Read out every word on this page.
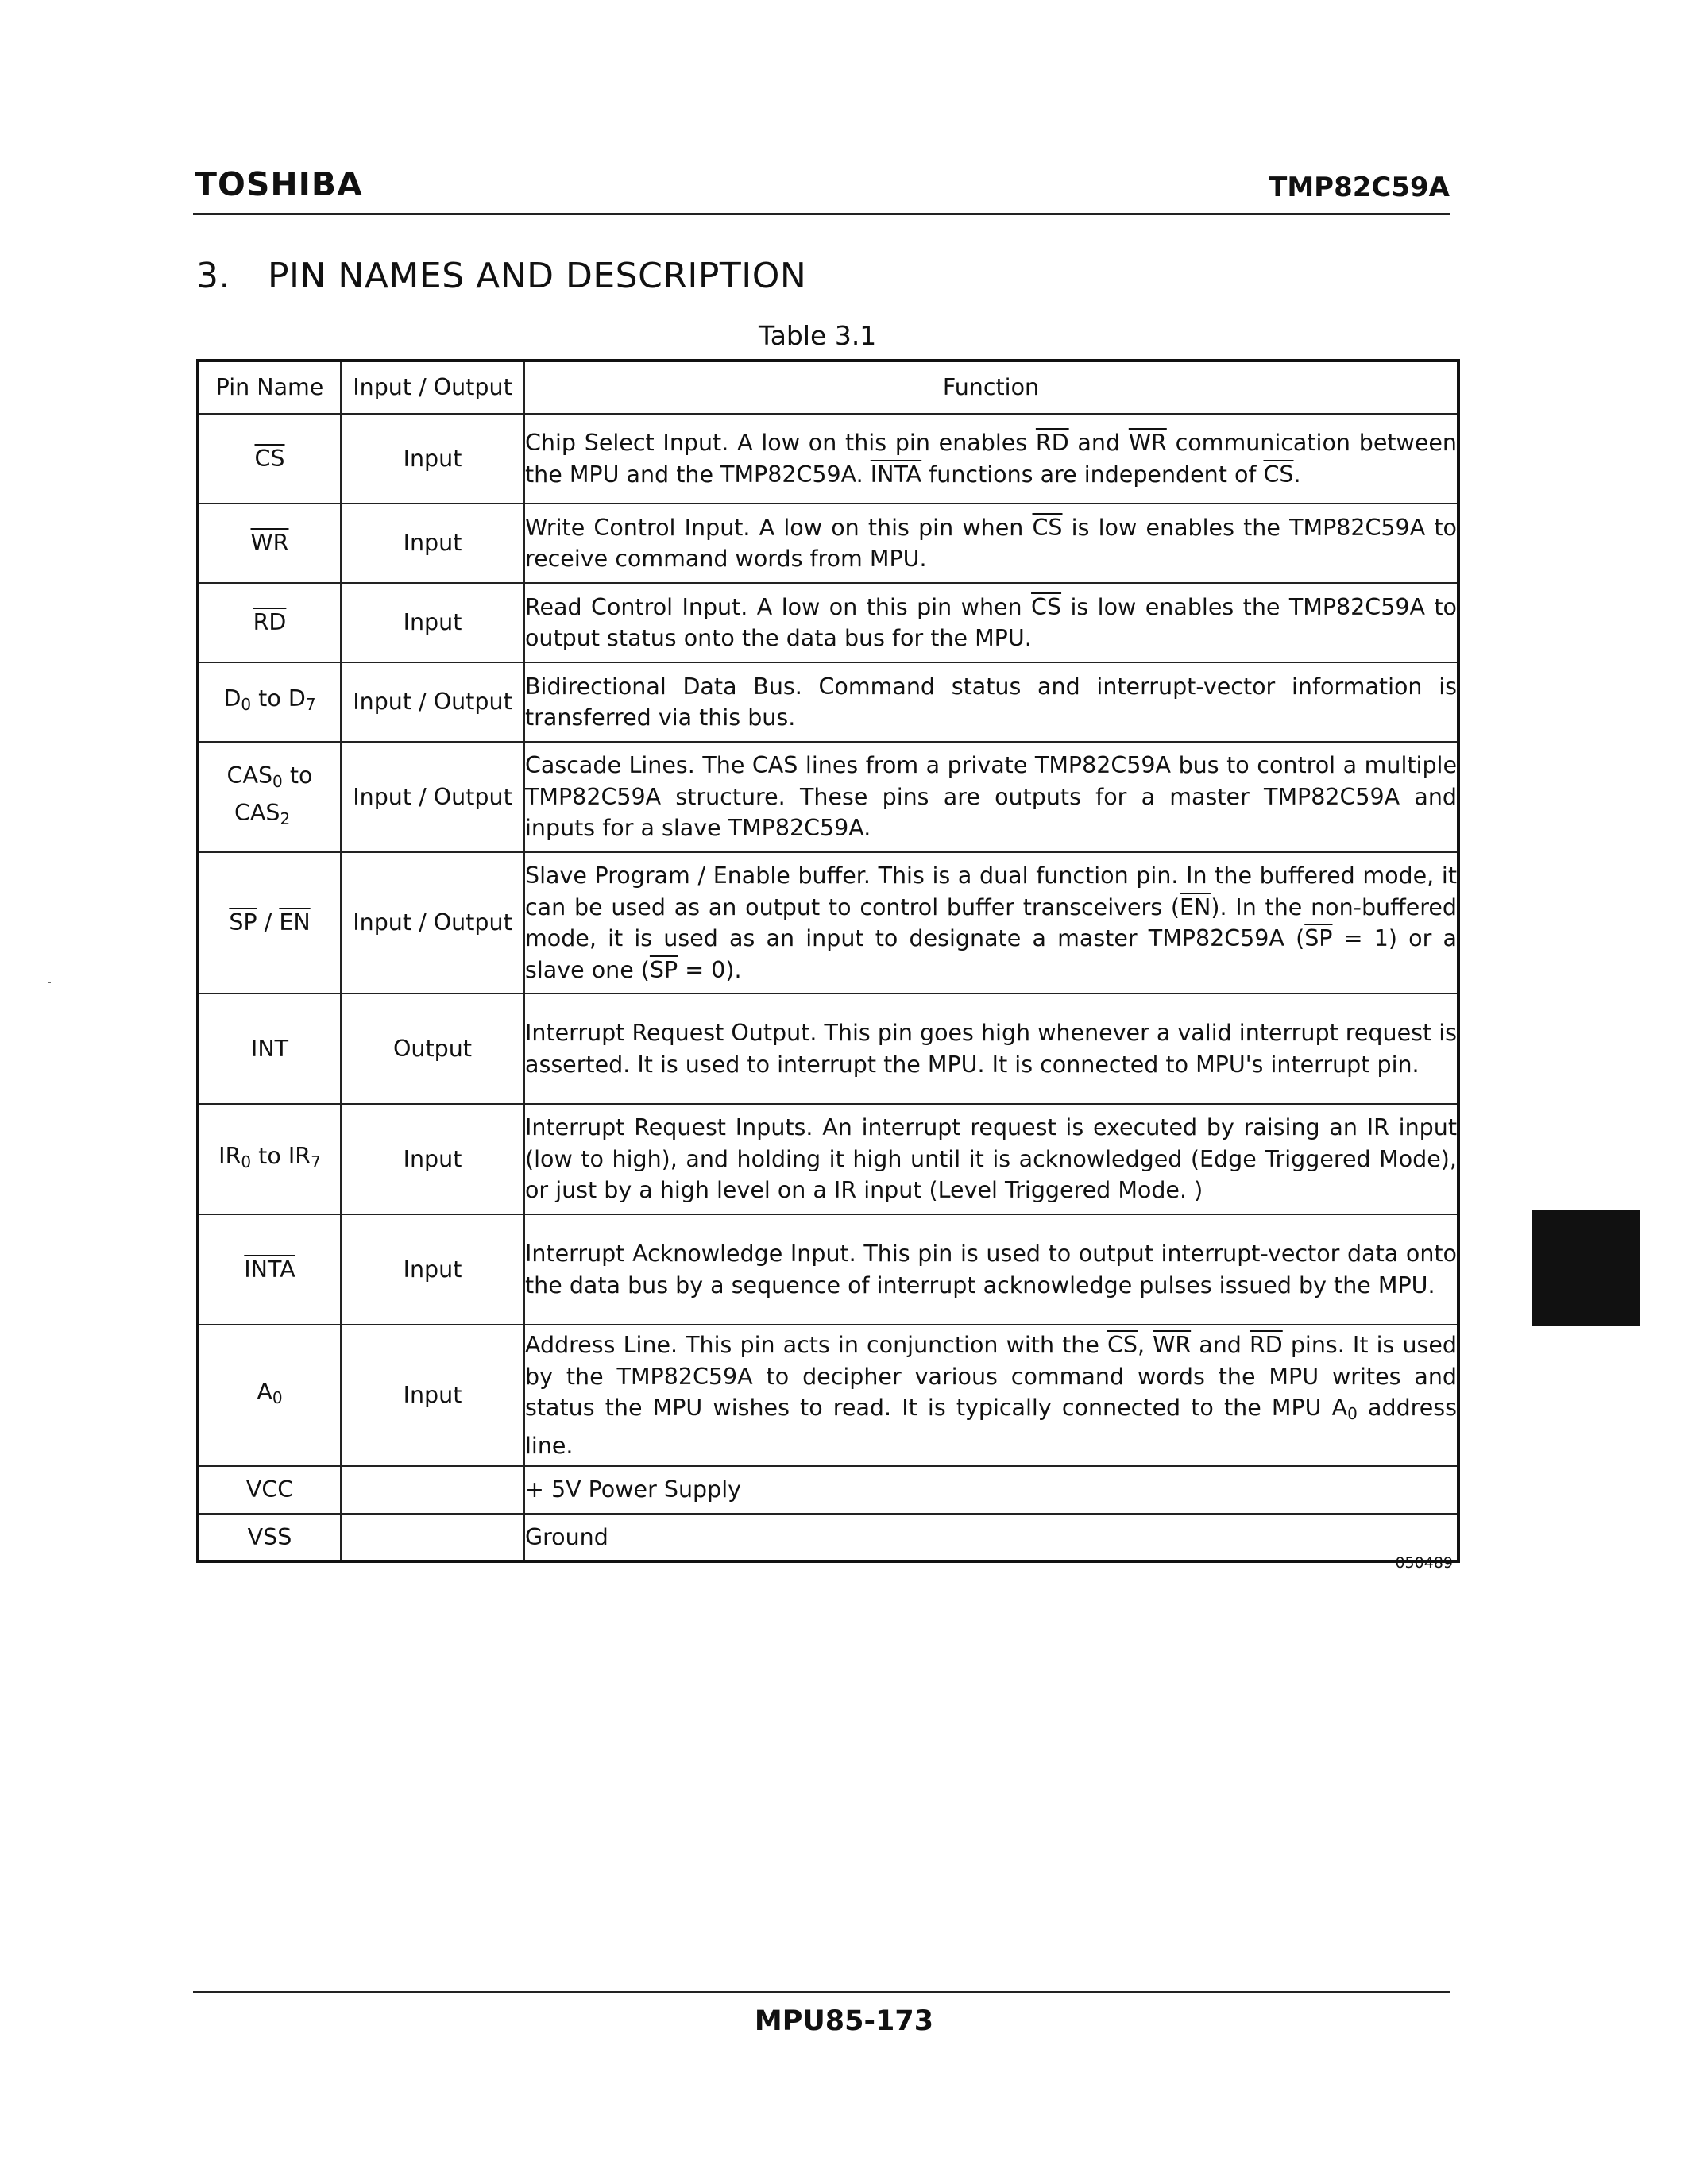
TOSHIBA	TMP82C59A
3. PIN NAMES AND DESCRIPTION
Table 3.1
Pin Name	Input / Output	Function
$\overline{CS}$	Input	Chip Select Input. A low on this pin enables $\overline{RD}$ and $\overline{WR}$ communication between the MPU and the TMP82C59A. INTA functions are independent of $\overline{CS}$.
$\overline{WR}$	Input	Write Control Input. A low on this pin when $\overline{CS}$ is low enables the TMP82C59A to receive command words from MPU.
$\overline{RD}$	Input	Read Control Input. A low on this pin when $\overline{CS}$ is low enables the TMP82C59A to output status onto the data bus for the MPU.
$D_0$ to $D_7$	Input / Output	Bidirectional Data Bus. Command status and interrupt-vector information is transferred via this bus.
$CAS_0$ to
$CAS_2$	Input / Output	Cascade Lines. The CAS lines from a private TMP82C59A bus to control a multiple TMP82C59A structure. These pins are outputs for a master TMP82C59A and inputs for a slave TMP82C59A.
$\overline{SP} / \overline{EN}$	Input / Output	Slave Program / Enable buffer. This is a dual function pin. In the buffered mode, it can be used as an output to control buffer transceivers $(\overline{EN})$. In the non-buffered mode, it is used as an input to designate a master TMP82C59A $(\overline{SP} = 1)$ or a slave one $(\overline{SP} = 0)$.
INT	Output	Interrupt Request Output. This pin goes high whenever a valid interrupt request is asserted. It is used to interrupt the MPU. It is connected to MPU's interrupt pin.
$IR_0$ to $IR_7$	Input	Interrupt Request Inputs. An interrupt request is executed by raising an IR input (low to high), and holding it high until it is acknowledged (Edge Triggered Mode), or just by a high level on a IR input (Level Triggered Mode. )
INTA	Input	Interrupt Acknowledge Input. This pin is used to output interrupt-vector data onto the data bus by a sequence of interrupt acknowledge pulses issued by the MPU.
$A_0$	Input	Address Line. This pin acts in conjunction with the $\overline{CS}$, $\overline{WR}$ and $\overline{RD}$ pins. It is used by the TMP82C59A to decipher various command words the MPU writes and status the MPU wishes to read. It is typically connected to the MPU $A_0$ address line.
VCC		+ 5V Power Supply
VSS		Ground
050489
MPU85-173
